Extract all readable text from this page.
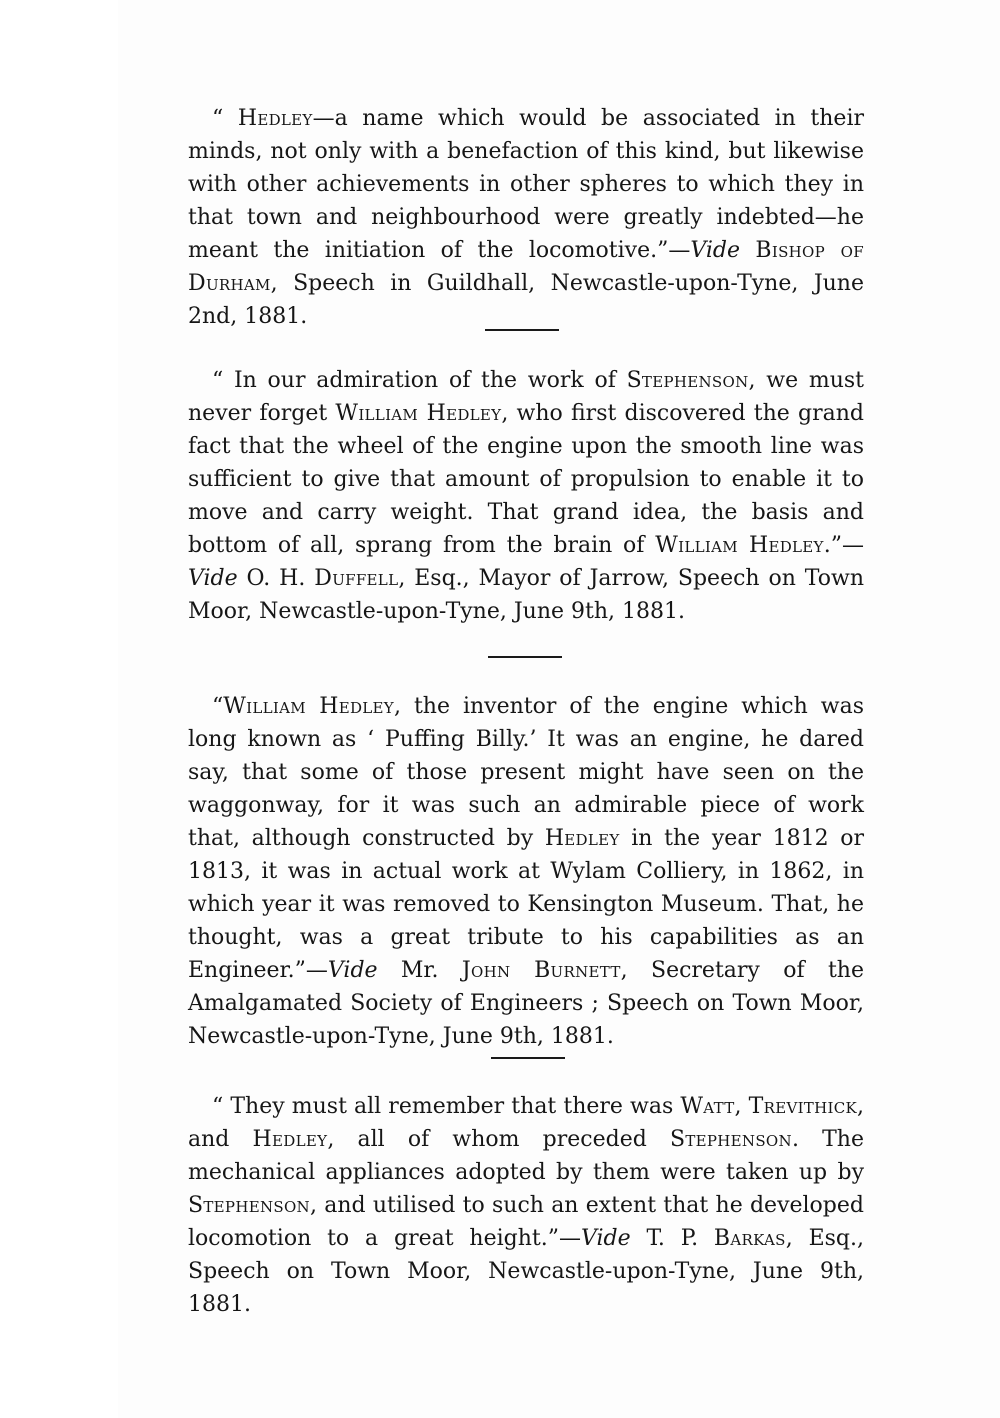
“ Hedley—a name which would be associated in their minds, not only with a benefaction of this kind, but likewise with other achievements in other spheres to which they in that town and neighbourhood were greatly indebted—he meant the initiation of the locomotive.”—Vide Bishop of Durham, Speech in Guildhall, Newcastle-upon-Tyne, June 2nd, 1881.

“ In our admiration of the work of Stephenson, we must never forget William Hedley, who first discovered the grand fact that the wheel of the engine upon the smooth line was sufficient to give that amount of propulsion to enable it to move and carry weight. That grand idea, the basis and bottom of all, sprang from the brain of William Hedley.”—Vide O. H. Duffell, Esq., Mayor of Jarrow, Speech on Town Moor, Newcastle-upon-Tyne, June 9th, 1881.

“William Hedley, the inventor of the engine which was long known as ‘ Puffing Billy.’ It was an engine, he dared say, that some of those present might have seen on the waggonway, for it was such an admirable piece of work that, although constructed by Hedley in the year 1812 or 1813, it was in actual work at Wylam Colliery, in 1862, in which year it was removed to Kensington Museum. That, he thought, was a great tribute to his capabilities as an Engineer.”—Vide Mr. John Burnett, Secretary of the Amalgamated Society of Engineers ; Speech on Town Moor, Newcastle-upon-Tyne, June 9th, 1881.

“ They must all remember that there was Watt, Trevithick, and Hedley, all of whom preceded Stephenson. The mechanical appliances adopted by them were taken up by Stephenson, and utilised to such an extent that he developed locomotion to a great height.”—Vide T. P. Barkas, Esq., Speech on Town Moor, Newcastle-upon-Tyne, June 9th, 1881.
